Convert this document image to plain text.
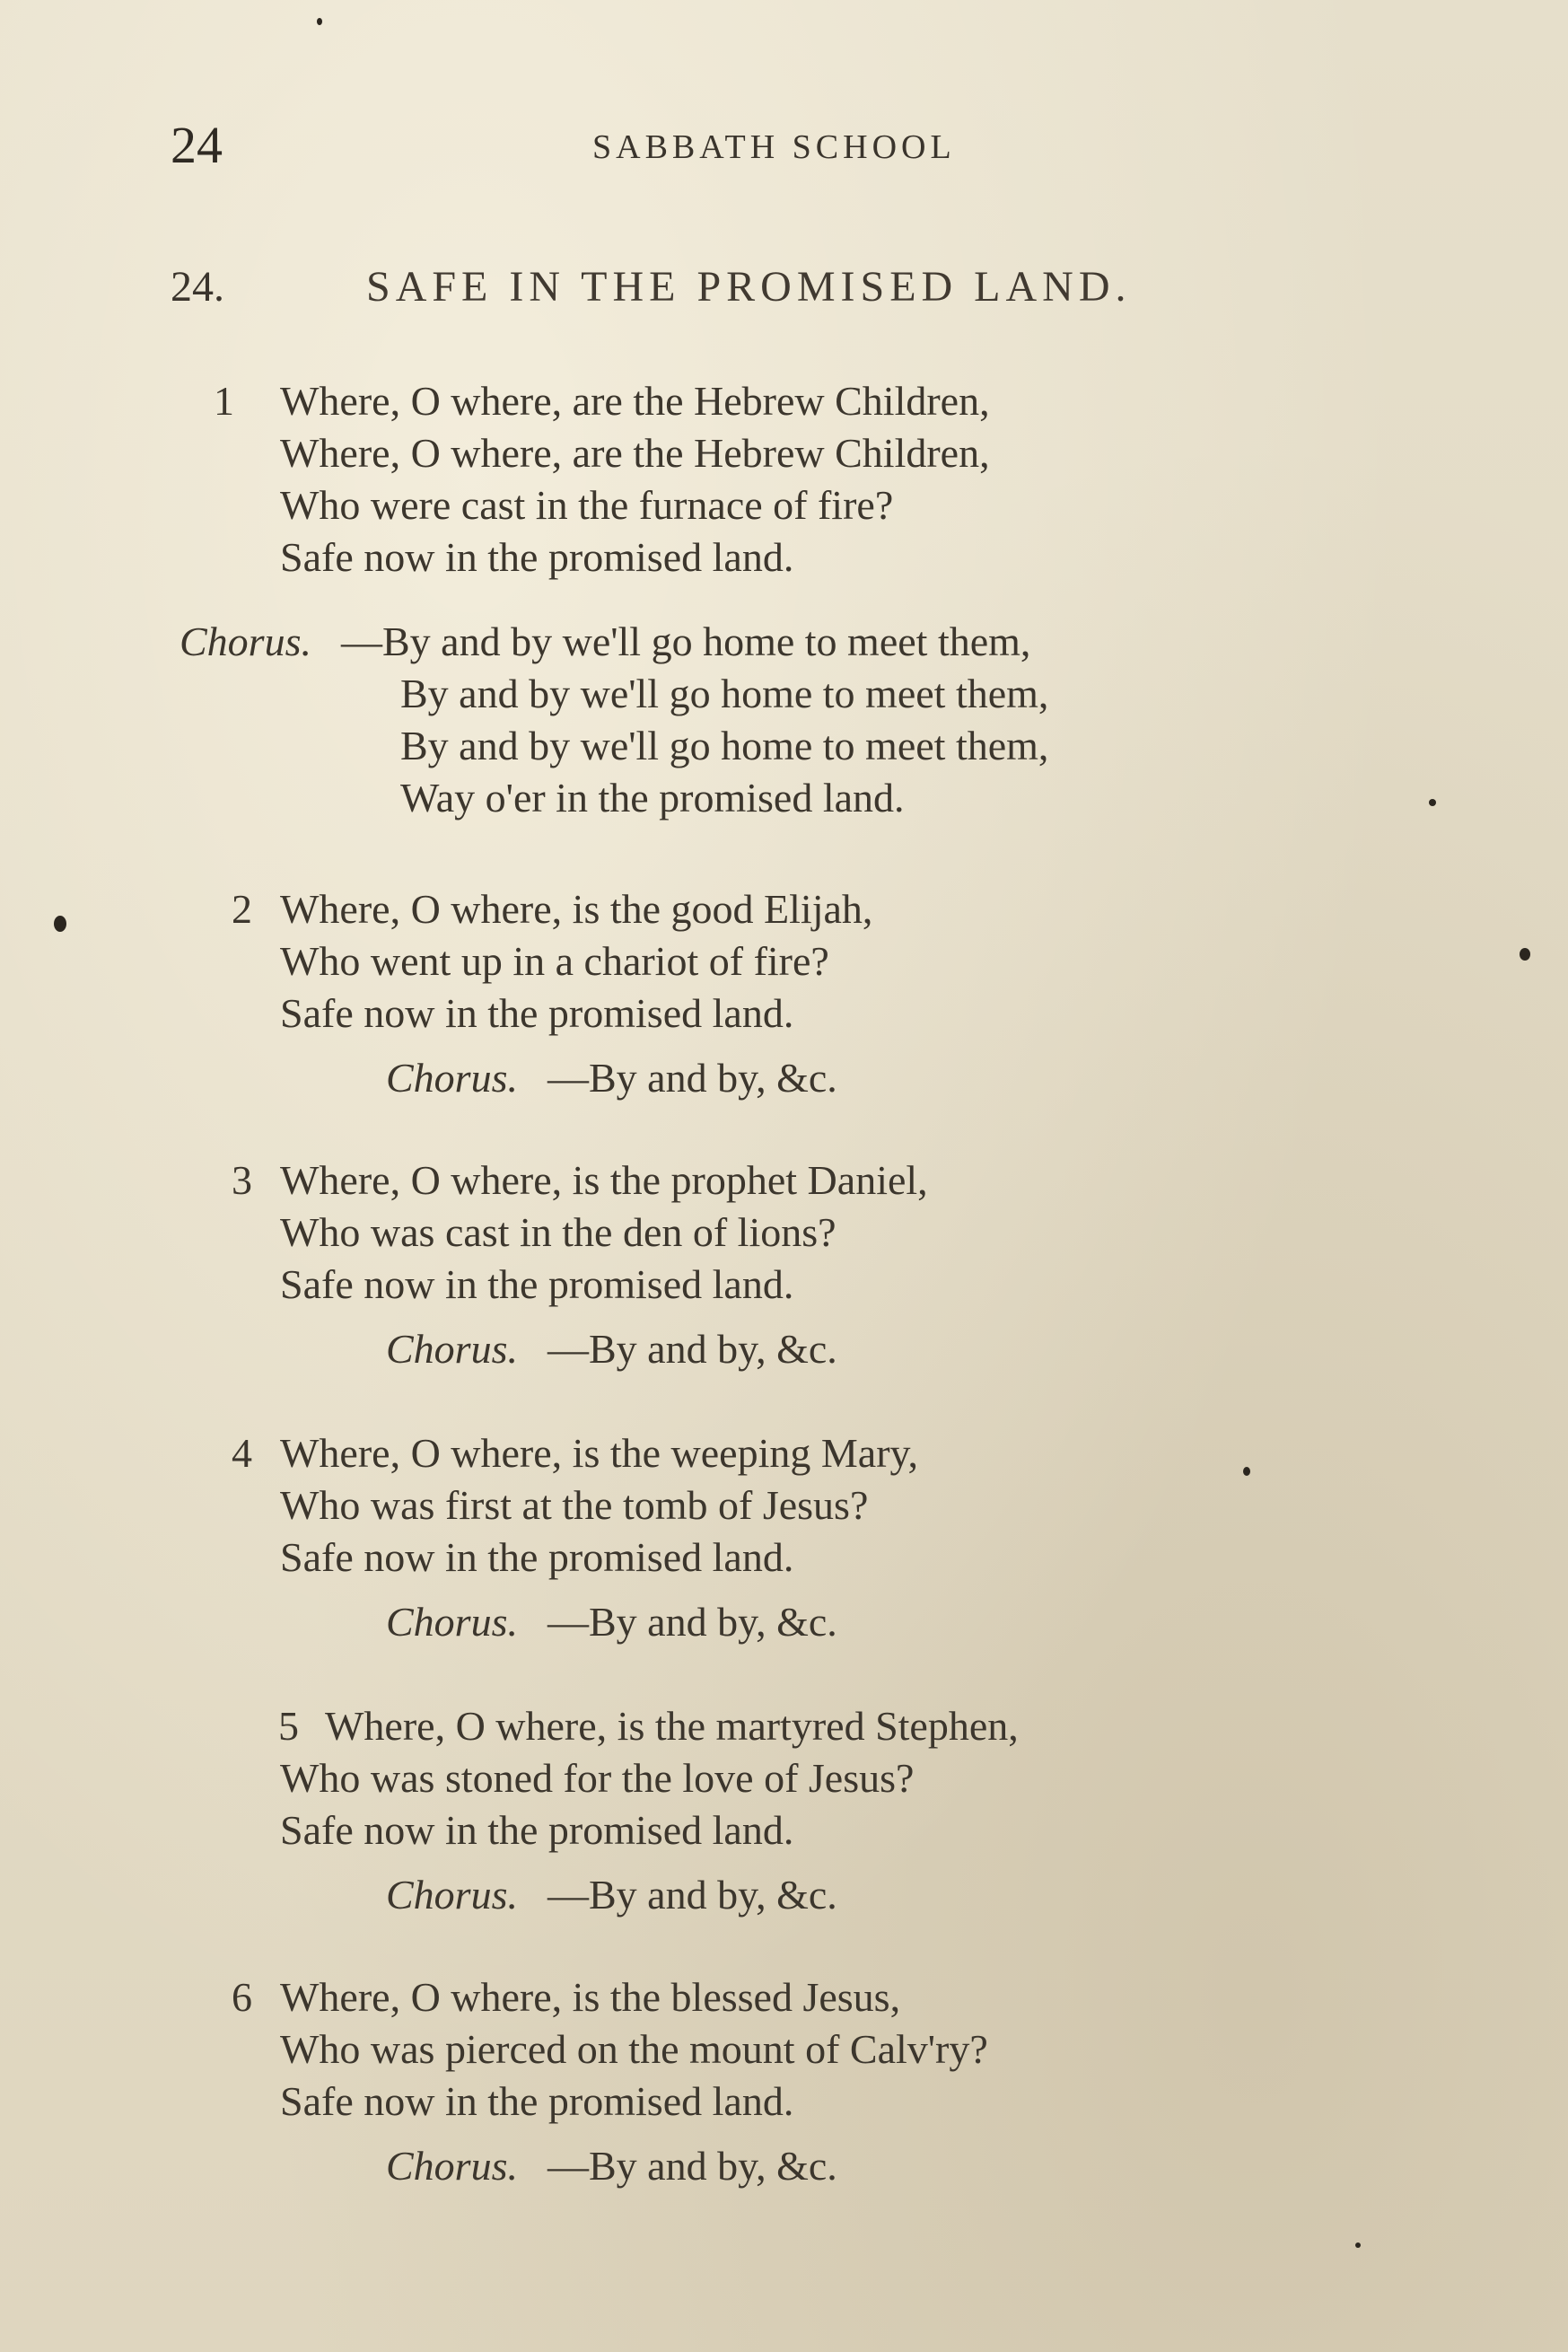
24	SABBATH SCHOOL
24.	SAFE IN THE PROMISED LAND.
1 Where, O where, are the Hebrew Children,
Where, O where, are the Hebrew Children,
Who were cast in the furnace of fire?
Safe now in the promised land.
Chorus. —By and by we'll go home to meet them,
By and by we'll go home to meet them,
By and by we'll go home to meet them,
Way o'er in the promised land.
2 Where, O where, is the good Elijah,
Who went up in a chariot of fire?
Safe now in the promised land.
Chorus. —By and by, &c.
3 Where, O where, is the prophet Daniel,
Who was cast in the den of lions?
Safe now in the promised land.
Chorus. —By and by, &c.
4 Where, O where, is the weeping Mary,
Who was first at the tomb of Jesus?
Safe now in the promised land.
Chorus. —By and by, &c.
5 Where, O where, is the martyred Stephen,
Who was stoned for the love of Jesus?
Safe now in the promised land.
Chorus. —By and by, &c.
6 Where, O where, is the blessed Jesus,
Who was pierced on the mount of Calv'ry?
Safe now in the promised land.
Chorus. —By and by, &c.
